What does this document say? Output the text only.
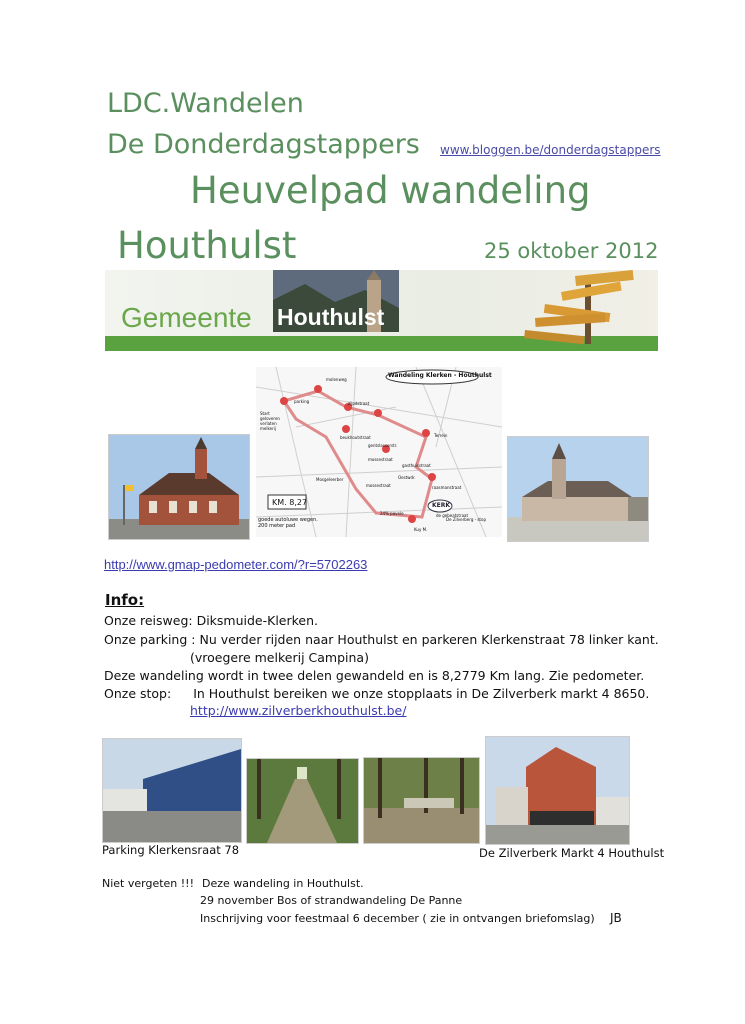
LDC.Wandelen
De Donderdagstappers www.bloggen.be/donderdagstappers
Heuvelpad wandeling
Houthulst	25 oktober 2012
Gemeente Houthulst
Wandeling Klerken - Houthulst
KM. 8,27	KERK
goede autoluwe wegen. 200 meter pad
Start geloveren verlaten melkerij
molenweg
parking	zijpdstraat
beukhoutstraat	Terrein
gentslasserstr.
mossestraat
Mosgeleerber
mossestraat
gasthuisstraat
Oestwdr.
raasmanstraat
de gebeatstraat
24% pavele
De Zilverberg - stop
Kuy M.
http://www.gmap-pedometer.com/?r=5702263
Info:
Onze reisweg: Diksmuide-Klerken.
Onze parking : Nu verder rijden naar Houthulst en parkeren Klerkenstraat 78 linker kant.
(vroegere melkerij Campina)
Deze wandeling wordt in twee delen gewandeld en is 8,2779 Km lang. Zie pedometer.
Onze stop: In Houthulst bereiken we onze stopplaats in De Zilverberk markt 4 8650.
http://www.zilverberkhouthulst.be/
Parking Klerkensraat 78	De Zilverberk Markt 4 Houthulst
Niet vergeten !!! Deze wandeling in Houthulst.
29 november Bos of strandwandeling De Panne
Inschrijving voor feestmaal 6 december ( zie in ontvangen briefomslag) JB
